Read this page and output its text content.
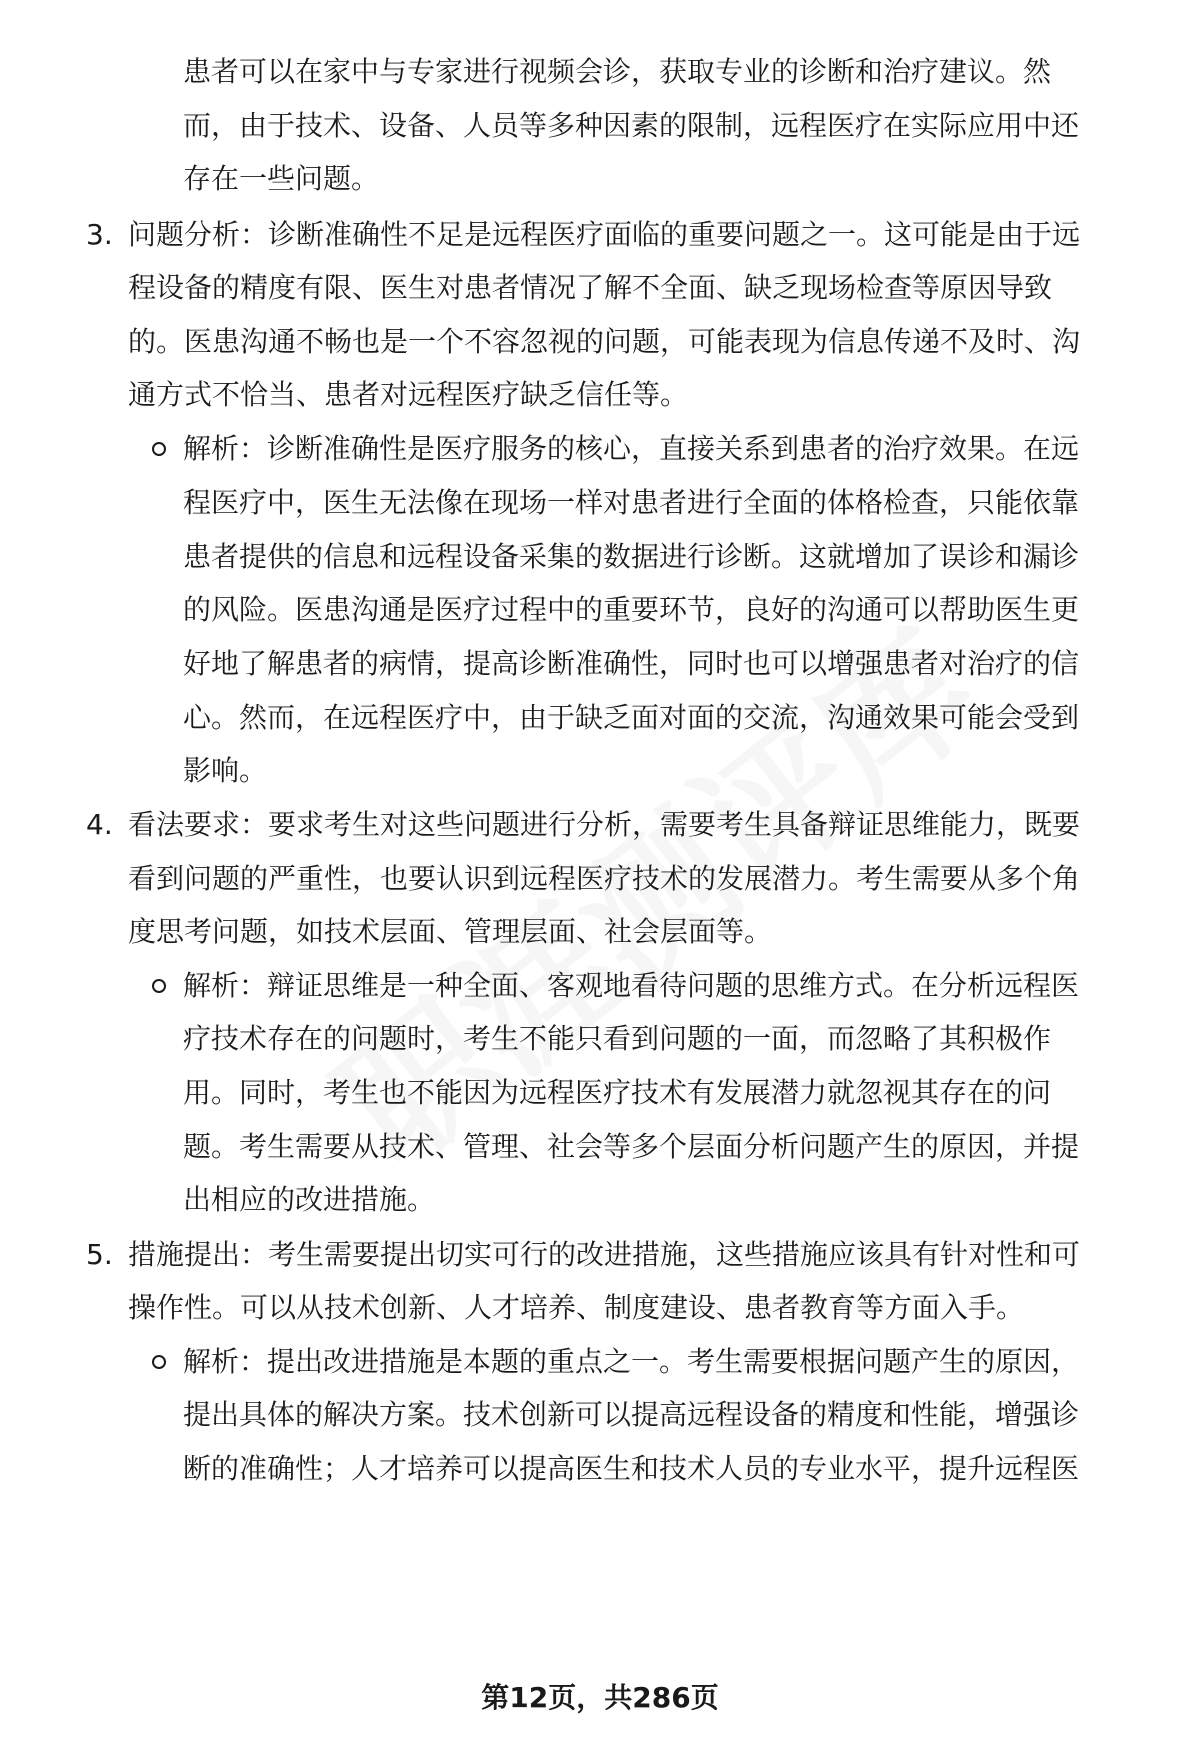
患者可以在家中与专家进行视频会诊，获取专业的诊断和治疗建议。然
而，由于技术、设备、人员等多种因素的限制，远程医疗在实际应用中还
存在一些问题。
3. 问题分析：诊断准确性不足是远程医疗面临的重要问题之一。这可能是由于远
程设备的精度有限、医生对患者情况了解不全面、缺乏现场检查等原因导致
的。医患沟通不畅也是一个不容忽视的问题，可能表现为信息传递不及时、沟
通方式不恰当、患者对远程医疗缺乏信任等。
解析：诊断准确性是医疗服务的核心，直接关系到患者的治疗效果。在远
程医疗中，医生无法像在现场一样对患者进行全面的体格检查，只能依靠
患者提供的信息和远程设备采集的数据进行诊断。这就增加了误诊和漏诊
的风险。医患沟通是医疗过程中的重要环节，良好的沟通可以帮助医生更
好地了解患者的病情，提高诊断准确性，同时也可以增强患者对治疗的信
心。然而，在远程医疗中，由于缺乏面对面的交流，沟通效果可能会受到
影响。
4. 看法要求：要求考生对这些问题进行分析，需要考生具备辩证思维能力，既要
看到问题的严重性，也要认识到远程医疗技术的发展潜力。考生需要从多个角
度思考问题，如技术层面、管理层面、社会层面等。
解析：辩证思维是一种全面、客观地看待问题的思维方式。在分析远程医
疗技术存在的问题时，考生不能只看到问题的一面，而忽略了其积极作
用。同时，考生也不能因为远程医疗技术有发展潜力就忽视其存在的问
题。考生需要从技术、管理、社会等多个层面分析问题产生的原因，并提
出相应的改进措施。
5. 措施提出：考生需要提出切实可行的改进措施，这些措施应该具有针对性和可
操作性。可以从技术创新、人才培养、制度建设、患者教育等方面入手。
解析：提出改进措施是本题的重点之一。考生需要根据问题产生的原因，
提出具体的解决方案。技术创新可以提高远程设备的精度和性能，增强诊
断的准确性；人才培养可以提高医生和技术人员的专业水平，提升远程医
第12页，共286页
